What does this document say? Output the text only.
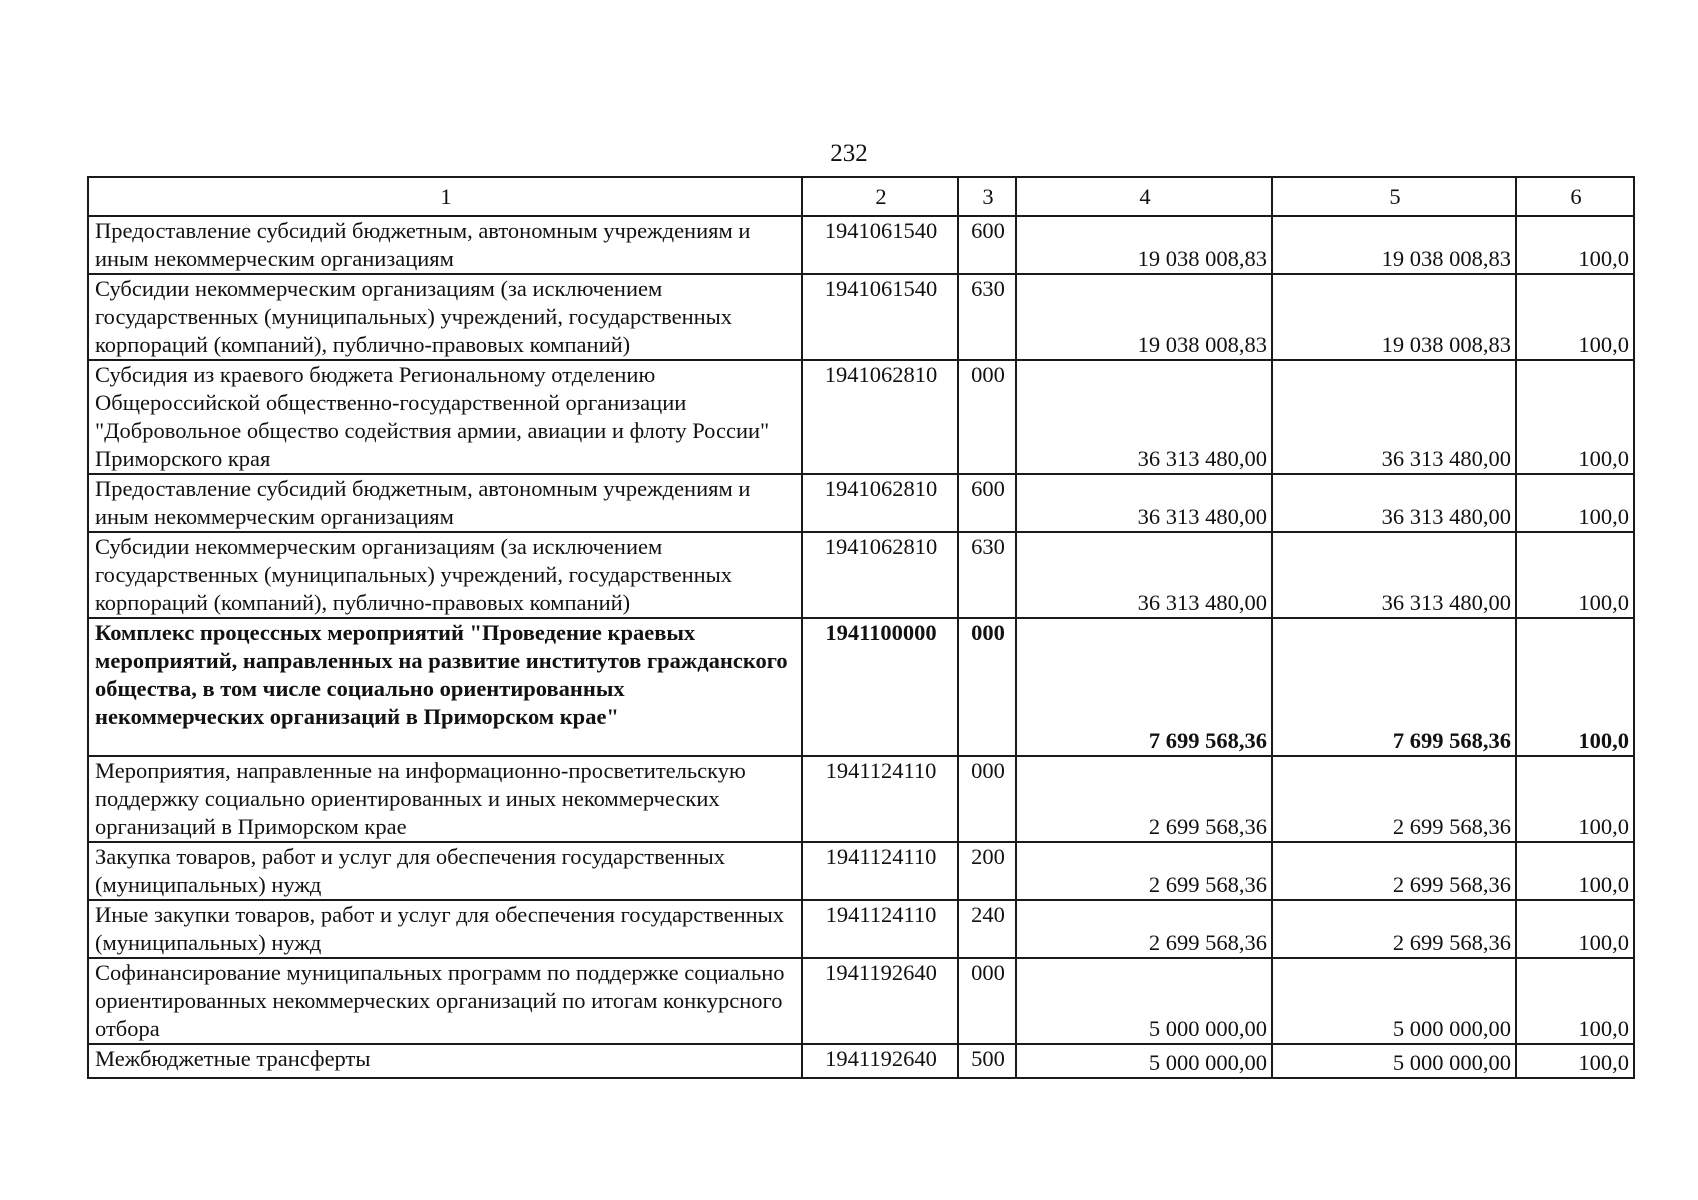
232
1	2	3	4	5	6
Предоставление субсидий бюджетным, автономным учреждениям и иным некоммерческим организациям	1941061540	600	19 038 008,83	19 038 008,83	100,0
Субсидии некоммерческим организациям (за исключением государственных (муниципальных) учреждений, государственных корпораций (компаний), публично-правовых компаний)	1941061540	630	19 038 008,83	19 038 008,83	100,0
Субсидия из краевого бюджета Региональному отделению Общероссийской общественно-государственной организации "Добровольное общество содействия армии, авиации и флоту России" Приморского края	1941062810	000	36 313 480,00	36 313 480,00	100,0
Предоставление субсидий бюджетным, автономным учреждениям и иным некоммерческим организациям	1941062810	600	36 313 480,00	36 313 480,00	100,0
Субсидии некоммерческим организациям (за исключением государственных (муниципальных) учреждений, государственных корпораций (компаний), публично-правовых компаний)	1941062810	630	36 313 480,00	36 313 480,00	100,0
Комплекс процессных мероприятий "Проведение краевых мероприятий, направленных на развитие институтов гражданского общества, в том числе социально ориентированных некоммерческих организаций в Приморском крае"	1941100000	000	7 699 568,36	7 699 568,36	100,0
Мероприятия, направленные на информационно-просветительскую поддержку социально ориентированных и иных некоммерческих организаций в Приморском крае	1941124110	000	2 699 568,36	2 699 568,36	100,0
Закупка товаров, работ и услуг для обеспечения государственных (муниципальных) нужд	1941124110	200	2 699 568,36	2 699 568,36	100,0
Иные закупки товаров, работ и услуг для обеспечения государственных (муниципальных) нужд	1941124110	240	2 699 568,36	2 699 568,36	100,0
Софинансирование муниципальных программ по поддержке социально ориентированных некоммерческих организаций по итогам конкурсного отбора	1941192640	000	5 000 000,00	5 000 000,00	100,0
Межбюджетные трансферты	1941192640	500	5 000 000,00	5 000 000,00	100,0
